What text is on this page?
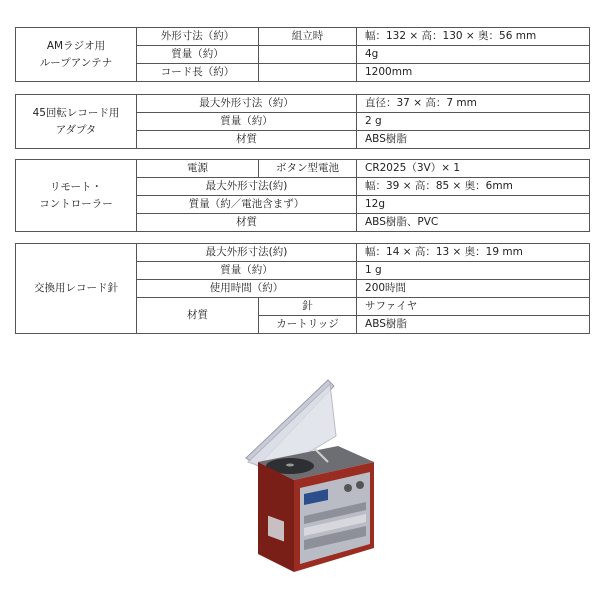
AMラジオ用
ループアンテナ	外形寸法（約）	組立時	幅：132 × 高：130 × 奥：56 mm
	質量（約）		4g
	コード長（約）		1200mm
45回転レコード用
アダプタ	最大外形寸法（約）	直径：37 × 高：7 mm
	質量（約）	2 g
	材質	ABS樹脂
リモート・
コントローラー	電源	ボタン型電池	CR2025（3V）× 1
	最大外形寸法(約)		幅：39 × 高：85 × 奥：6mm
	質量（約／電池含まず）		12g
	材質		ABS樹脂、PVC
交換用レコード針	最大外形寸法(約)		幅：14 × 高：13 × 奥：19 mm
	質量（約）		1 g
	使用時間（約）		200時間
	材質	針	サファイヤ
		カートリッジ	ABS樹脂
